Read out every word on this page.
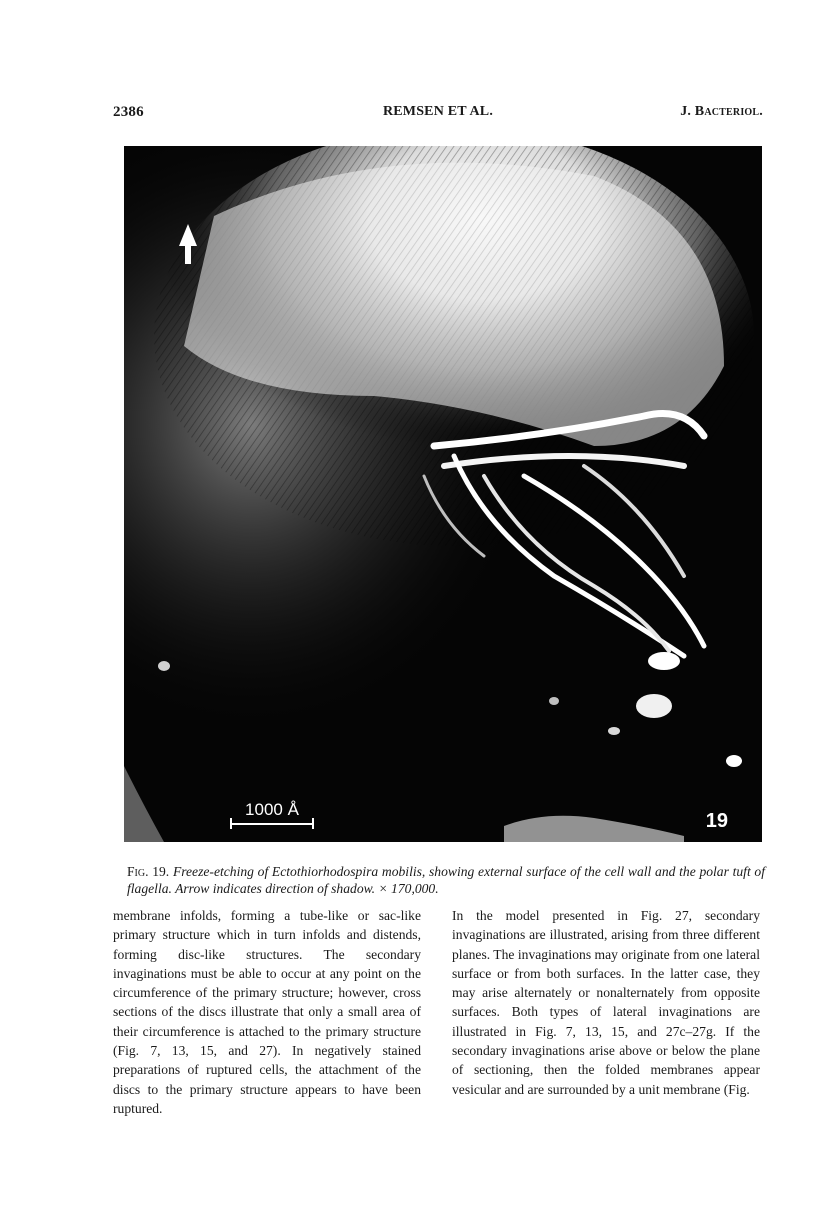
2386	REMSEN ET AL.	J. Bacteriol.
1000 Å
19
Fig. 19. Freeze-etching of Ectothiorhodospira mobilis, showing external surface of the cell wall and the polar tuft of flagella. Arrow indicates direction of shadow. × 170,000.
membrane infolds, forming a tube-like or sac-like primary structure which in turn infolds and distends, forming disc-like structures. The secondary invaginations must be able to occur at any point on the circumference of the primary structure; however, cross sections of the discs illustrate that only a small area of their circumference is attached to the primary structure (Fig. 7, 13, 15, and 27). In negatively stained preparations of ruptured cells, the attachment of the discs to the primary structure appears to have been ruptured.
In the model presented in Fig. 27, secondary invaginations are illustrated, arising from three different planes. The invaginations may originate from one lateral surface or from both surfaces. In the latter case, they may arise alternately or nonalternately from opposite surfaces. Both types of lateral invaginations are illustrated in Fig. 7, 13, 15, and 27c–27g. If the secondary invaginations arise above or below the plane of sectioning, then the folded membranes appear vesicular and are surrounded by a unit membrane (Fig.
